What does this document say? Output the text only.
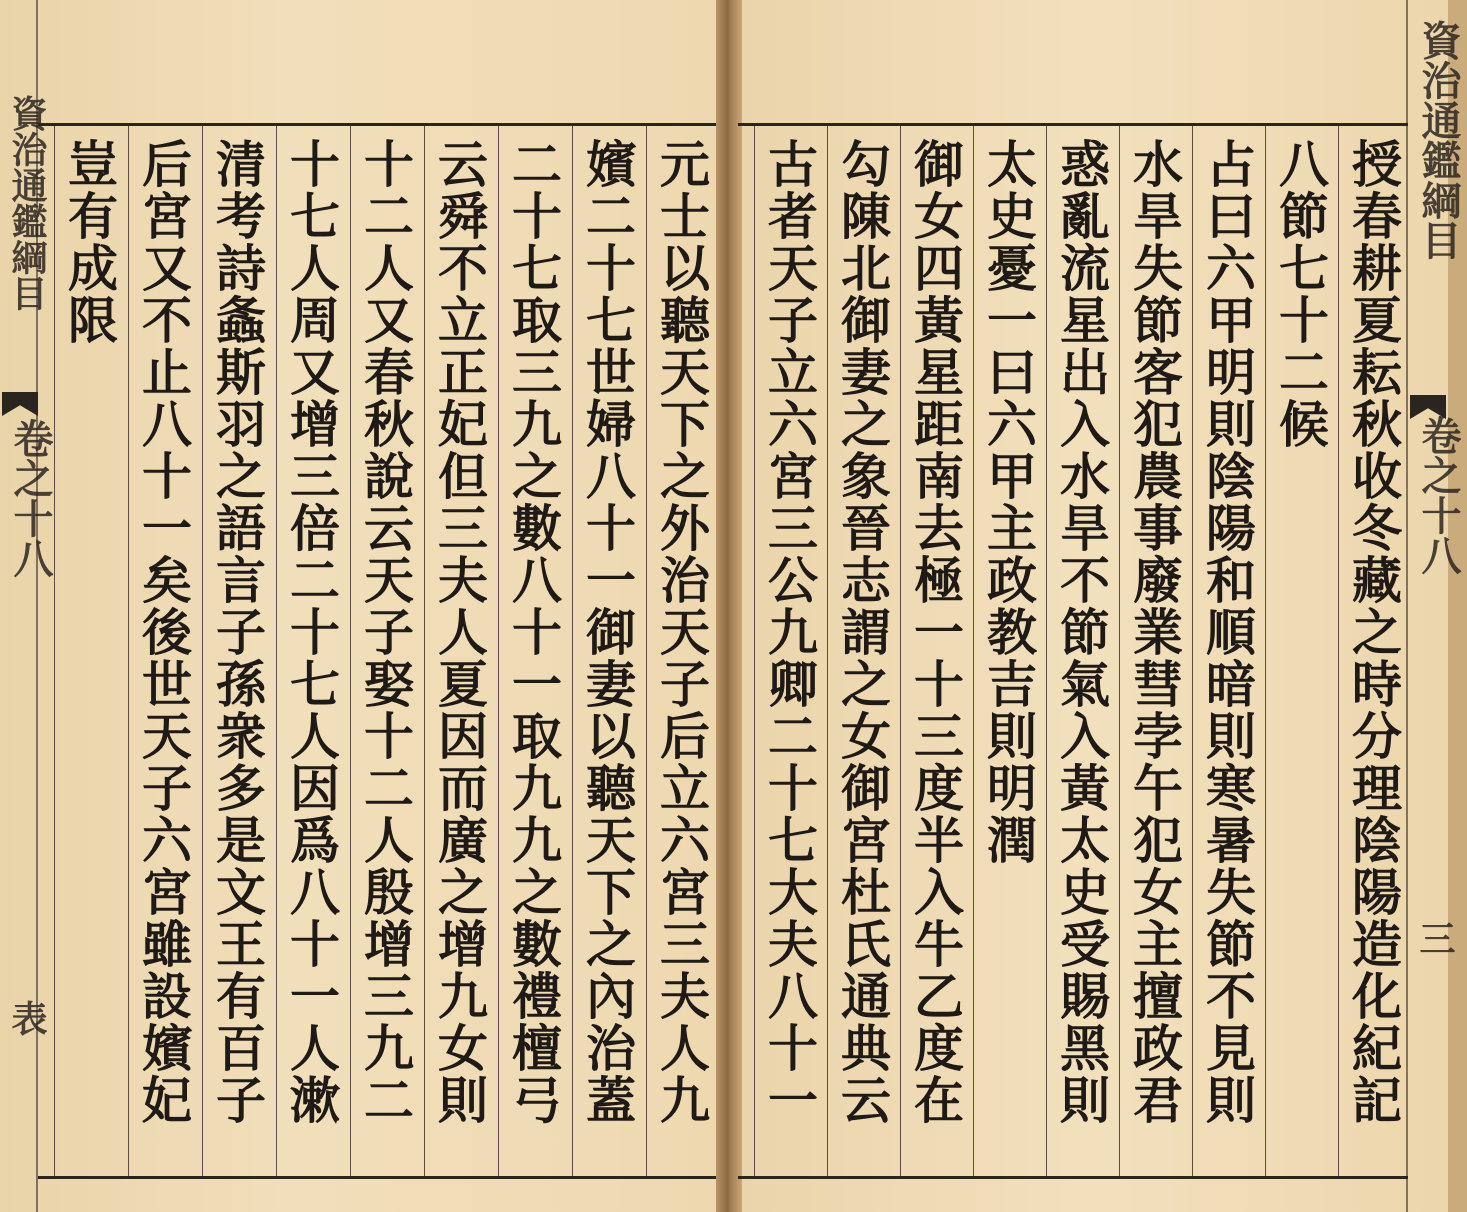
資治通鑑綱目
卷之十八
表
資治通鑑綱目
卷之十八
三
元士以聽天下之外治天子后立六宮三夫人九
嬪二十七世婦八十一御妻以聽天下之內治蓋
二十七取三九之數八十一取九九之數禮檀弓
云舜不立正妃但三夫人夏因而廣之增九女則
十二人又春秋說云天子娶十二人殷增三九二
十七人周又增三倍二十七人因爲八十一人漱
清考詩螽斯羽之語言子孫衆多是文王有百子
后宮又不止八十一矣後世天子六宮雖設嬪妃
豈有成限	授春耕夏耘秋收冬藏之時分理陰陽造化紀記
八節七十二候
占曰六甲明則陰陽和順暗則寒暑失節不見則
水旱失節客犯農事廢業彗孛午犯女主擅政君
惑亂流星出入水旱不節氣入黃太史受賜黑則
太史憂一曰六甲主政教吉則明潤
御女四黃星距南去極一十三度半入牛乙度在
勾陳北御妻之象晉志謂之女御宮杜氏通典云
古者天子立六宮三公九卿二十七大夫八十一
